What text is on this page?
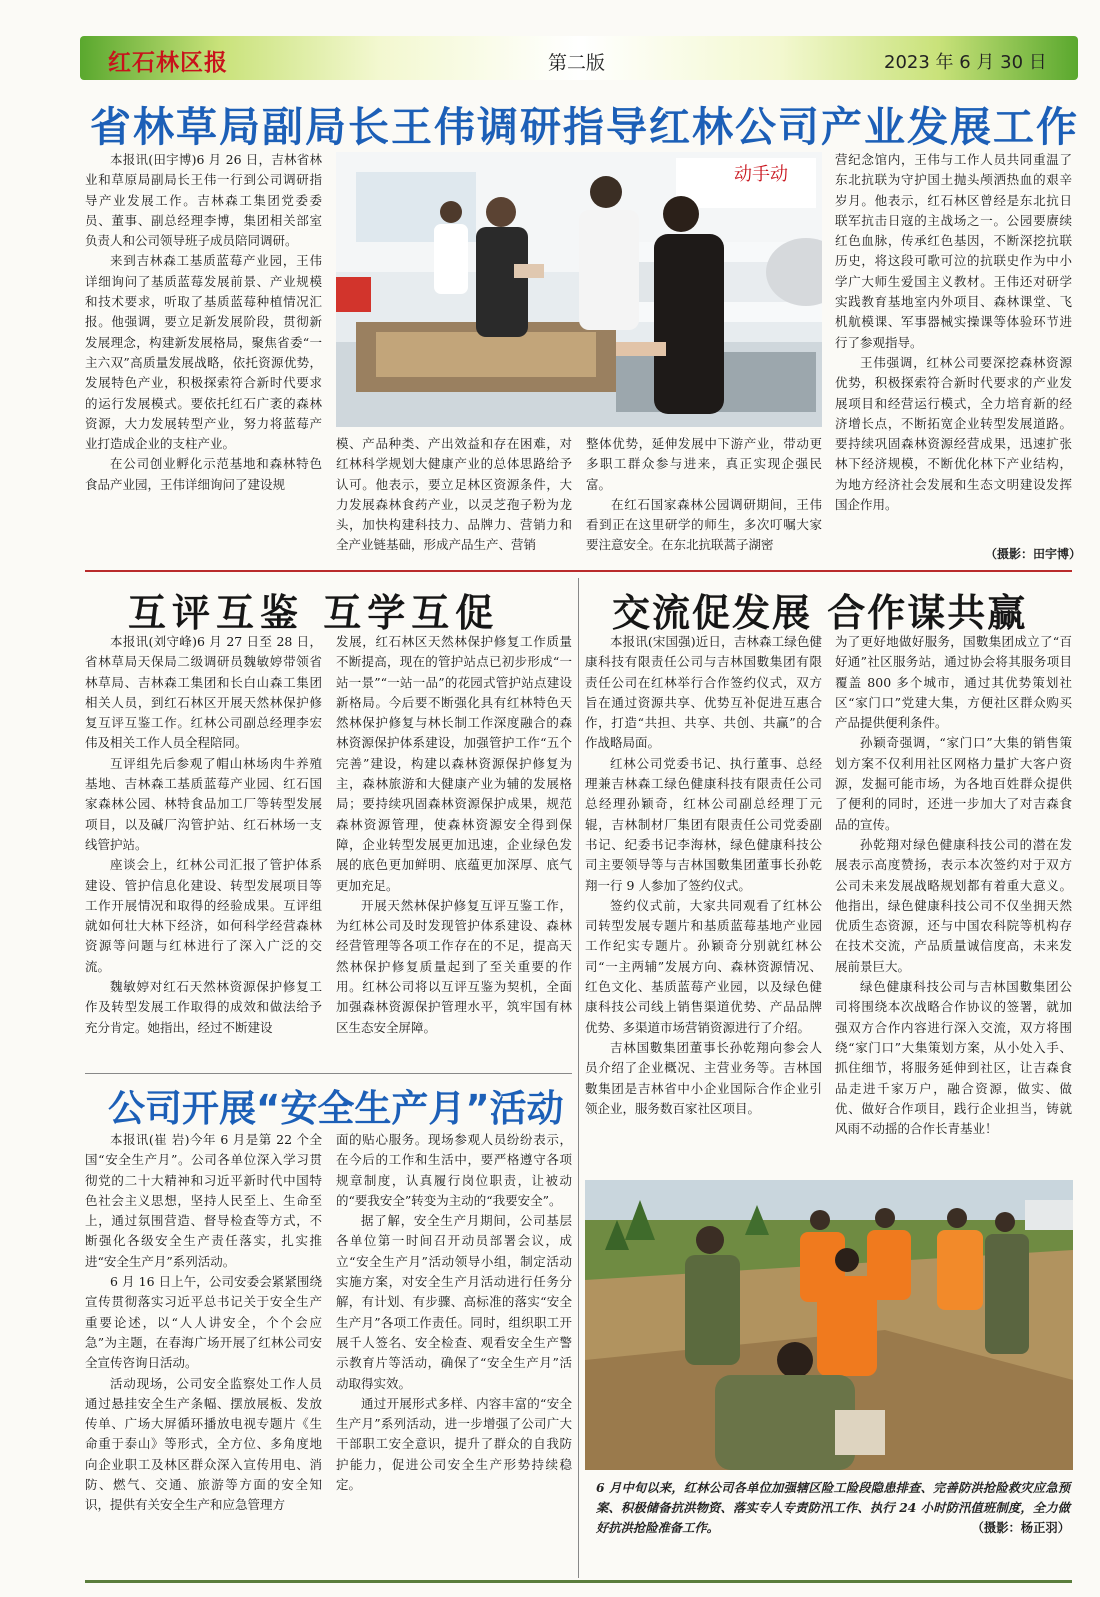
红石林区报	第二版	2023 年 6 月 30 日
省林草局副局长王伟调研指导红林公司产业发展工作

本报讯(田宇博)6 月 26 日，吉林省林业和草原局副局长王伟一行到公司调研指导产业发展工作。吉林森工集团党委委员、董事、副总经理李博，集团相关部室负责人和公司领导班子成员陪同调研。

来到吉林森工基质蓝莓产业园，王伟详细询问了基质蓝莓发展前景、产业规模和技术要求，听取了基质蓝莓种植情况汇报。他强调，要立足新发展阶段，贯彻新发展理念，构建新发展格局，聚焦省委“一主六双”高质量发展战略，依托资源优势，发展特色产业，积极探索符合新时代要求的运行发展模式。要依托红石广袤的森林资源，大力发展转型产业，努力将蓝莓产业打造成企业的支柱产业。

在公司创业孵化示范基地和森林特色食品产业园，王伟详细询问了建设规

动手动

模、产品种类、产出效益和存在困难，对红林科学规划大健康产业的总体思路给予认可。他表示，要立足林区资源条件，大力发展森林食药产业，以灵芝孢子粉为龙头，加快构建科技力、品牌力、营销力和全产业链基础，形成产品生产、营销

整体优势，延伸发展中下游产业，带动更多职工群众参与进来，真正实现企强民富。

在红石国家森林公园调研期间，王伟看到正在这里研学的师生，多次叮嘱大家要注意安全。在东北抗联蒿子湖密

营纪念馆内，王伟与工作人员共同重温了东北抗联为守护国土抛头颅洒热血的艰辛岁月。他表示，红石林区曾经是东北抗日联军抗击日寇的主战场之一。公园要赓续红色血脉，传承红色基因，不断深挖抗联历史，将这段可歌可泣的抗联史作为中小学广大师生爱国主义教材。王伟还对研学实践教育基地室内外项目、森林课堂、飞机航模课、军事器械实操课等体验环节进行了参观指导。

王伟强调，红林公司要深挖森林资源优势，积极探索符合新时代要求的产业发展项目和经营运行模式，全力培育新的经济增长点，不断拓宽企业转型发展道路。要持续巩固森林资源经营成果，迅速扩张林下经济规模，不断优化林下产业结构，为地方经济社会发展和生态文明建设发挥国企作用。

（摄影：田宇博）
互评互鉴 互学互促

本报讯(刘守峰)6 月 27 日至 28 日，省林草局天保局二级调研员魏敏婷带领省林草局、吉林森工集团和长白山森工集团相关人员，到红石林区开展天然林保护修复互评互鉴工作。红林公司副总经理李宏伟及相关工作人员全程陪同。

互评组先后参观了帽山林场肉牛养殖基地、吉林森工基质蓝莓产业园、红石国家森林公园、林特食品加工厂等转型发展项目，以及碱厂沟管护站、红石林场一支线管护站。

座谈会上，红林公司汇报了管护体系建设、管护信息化建设、转型发展项目等工作开展情况和取得的经验成果。互评组就如何壮大林下经济，如何科学经营森林资源等问题与红林进行了深入广泛的交流。

魏敏婷对红石天然林资源保护修复工作及转型发展工作取得的成效和做法给予充分肯定。她指出，经过不断建设

发展，红石林区天然林保护修复工作质量不断提高，现在的管护站点已初步形成“一站一景”“一站一品”的花园式管护站点建设新格局。今后要不断强化具有红林特色天然林保护修复与林长制工作深度融合的森林资源保护体系建设，加强管护工作“五个完善”建设，构建以森林资源保护修复为主，森林旅游和大健康产业为辅的发展格局；要持续巩固森林资源保护成果，规范森林资源管理，使森林资源安全得到保障，企业转型发展更加迅速，企业绿色发展的底色更加鲜明、底蕴更加深厚、底气更加充足。

开展天然林保护修复互评互鉴工作，为红林公司及时发现管护体系建设、森林经营管理等各项工作存在的不足，提高天然林保护修复质量起到了至关重要的作用。红林公司将以互评互鉴为契机，全面加强森林资源保护管理水平，筑牢国有林区生态安全屏障。

公司开展“安全生产月”活动

本报讯(崔 岩)今年 6 月是第 22 个全国“安全生产月”。公司各单位深入学习贯彻党的二十大精神和习近平新时代中国特色社会主义思想，坚持人民至上、生命至上，通过氛围营造、督导检查等方式，不断强化各级安全生产责任落实，扎实推进“安全生产月”系列活动。

6 月 16 日上午，公司安委会紧紧围绕宣传贯彻落实习近平总书记关于安全生产重要论述，以“人人讲安全，个个会应急”为主题，在春海广场开展了红林公司安全宣传咨询日活动。

活动现场，公司安全监察处工作人员通过悬挂安全生产条幅、摆放展板、发放传单、广场大屏循环播放电视专题片《生命重于泰山》等形式，全方位、多角度地向企业职工及林区群众深入宣传用电、消防、燃气、交通、旅游等方面的安全知识，提供有关安全生产和应急管理方

面的贴心服务。现场参观人员纷纷表示，在今后的工作和生活中，要严格遵守各项规章制度，认真履行岗位职责，让被动的“要我安全”转变为主动的“我要安全”。

据了解，安全生产月期间，公司基层各单位第一时间召开动员部署会议，成立“安全生产月”活动领导小组，制定活动实施方案，对安全生产月活动进行任务分解，有计划、有步骤、高标准的落实“安全生产月”各项工作责任。同时，组织职工开展千人签名、安全检查、观看安全生产警示教育片等活动，确保了“安全生产月”活动取得实效。

通过开展形式多样、内容丰富的“安全生产月”系列活动，进一步增强了公司广大干部职工安全意识，提升了群众的自我防护能力，促进公司安全生产形势持续稳定。

交流促发展 合作谋共赢

本报讯(宋国强)近日，吉林森工绿色健康科技有限责任公司与吉林国數集团有限责任公司在红林举行合作签约仪式，双方旨在通过资源共享、优势互补促进互惠合作，打造“共担、共享、共创、共赢”的合作战略局面。

红林公司党委书记、执行董事、总经理兼吉林森工绿色健康科技有限责任公司总经理孙颖奇，红林公司副总经理丁元辊，吉林制材厂集团有限责任公司党委副书记、纪委书记李海林，绿色健康科技公司主要领导等与吉林国數集团董事长孙乾翔一行 9 人参加了签约仪式。

签约仪式前，大家共同观看了红林公司转型发展专题片和基质蓝莓基地产业园工作纪实专题片。孙颖奇分别就红林公司“一主两辅”发展方向、森林资源情况、红色文化、基质蓝莓产业园，以及绿色健康科技公司线上销售渠道优势、产品品牌优势、多渠道市场营销资源进行了介绍。

吉林国數集团董事长孙乾翔向参会人员介绍了企业概况、主营业务等。吉林国數集团是吉林省中小企业国际合作企业引领企业，服务数百家社区项目。

为了更好地做好服务，国數集团成立了“百好通”社区服务站，通过协会将其服务项目覆盖 800 多个城市，通过其优势策划社区“家门口”党建大集，方便社区群众购买产品提供便利条件。

孙颖奇强调，“家门口”大集的销售策划方案不仅利用社区网格力量扩大客户资源，发掘可能市场，为各地百姓群众提供了便利的同时，还进一步加大了对吉森食品的宣传。

孙乾翔对绿色健康科技公司的潜在发展表示高度赞扬，表示本次签约对于双方公司未来发展战略规划都有着重大意义。他指出，绿色健康科技公司不仅坐拥天然优质生态资源，还与中国农科院等机构存在技术交流，产品质量诚信度高，未来发展前景巨大。

绿色健康科技公司与吉林国數集团公司将围绕本次战略合作协议的签署，就加强双方合作内容进行深入交流，双方将围绕“家门口”大集策划方案，从小处入手、抓住细节，将服务延伸到社区，让吉森食品走进千家万户，融合资源，做实、做优、做好合作项目，践行企业担当，铸就风雨不动摇的合作长青基业！

6 月中旬以来，红林公司各单位加强辖区险工险段隐患排查、完善防洪抢险救灾应急预案、积极储备抗洪物资、落实专人专责防汛工作、执行 24 小时防汛值班制度，全力做好抗洪抢险准备工作。	（摄影：杨正羽）
